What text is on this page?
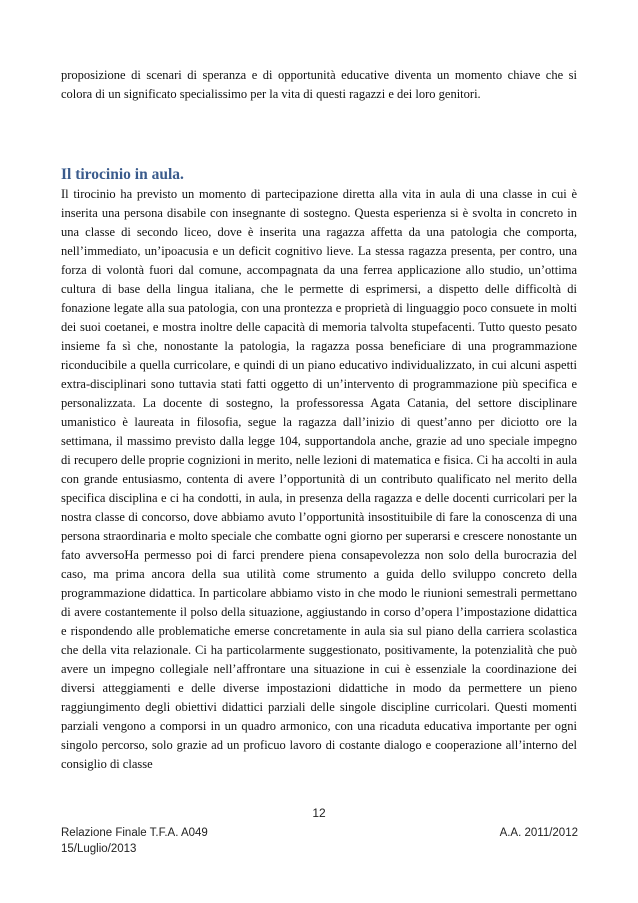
proposizione di scenari di speranza e di opportunità educative diventa un momento chiave che si colora di un significato specialissimo per la vita di questi ragazzi e dei loro genitori.

Il tirocinio in aula.

Il tirocinio ha previsto un momento di partecipazione diretta alla vita in aula di una classe in cui è inserita una persona disabile con insegnante di sostegno. Questa esperienza si è svolta in concreto in una classe di secondo liceo, dove è inserita una ragazza affetta da una patologia che comporta, nell’immediato, un’ipoacusia e un deficit cognitivo lieve. La stessa ragazza presenta, per contro, una forza di volontà fuori dal comune, accompagnata da una ferrea applicazione allo studio, un’ottima cultura di base della lingua italiana, che le permette di esprimersi, a dispetto delle difficoltà di fonazione legate alla sua patologia, con una prontezza e proprietà di linguaggio poco consuete in molti dei suoi coetanei, e mostra inoltre delle capacità di memoria talvolta stupefacenti. Tutto questo pesato insieme fa sì che, nonostante la patologia, la ragazza possa beneficiare di una programmazione riconducibile a quella curricolare, e quindi di un piano educativo individualizzato, in cui alcuni aspetti extra-disciplinari sono tuttavia stati fatti oggetto di un’intervento di programmazione più specifica e personalizzata. La docente di sostegno, la professoressa Agata Catania, del settore disciplinare umanistico è laureata in filosofia, segue la ragazza dall’inizio di quest’anno per diciotto ore la settimana, il massimo previsto dalla legge 104, supportandola anche, grazie ad uno speciale impegno di recupero delle proprie cognizioni in merito, nelle lezioni di matematica e fisica. Ci ha accolti in aula con grande entusiasmo, contenta di avere l’opportunità di un contributo qualificato nel merito della specifica disciplina e ci ha condotti, in aula, in presenza della ragazza e delle docenti curricolari per la nostra classe di concorso, dove abbiamo avuto l’opportunità insostituibile di fare la conoscenza di una persona straordinaria e molto speciale che combatte ogni giorno per superarsi e crescere nonostante un fato avversoHa permesso poi di farci prendere piena consapevolezza non solo della burocrazia del caso, ma prima ancora della sua utilità come strumento a guida dello sviluppo concreto della programmazione didattica. In particolare abbiamo visto in che modo le riunioni semestrali permettano di avere costantemente il polso della situazione, aggiustando in corso d’opera l’impostazione didattica e rispondendo alle problematiche emerse concretamente in aula sia sul piano della carriera scolastica che della vita relazionale. Ci ha particolarmente suggestionato, positivamente, la potenzialità che può avere un impegno collegiale nell’affrontare una situazione in cui è essenziale la coordinazione dei diversi atteggiamenti e delle diverse impostazioni didattiche in modo da permettere un pieno raggiungimento degli obiettivi didattici parziali delle singole discipline curricolari. Questi momenti parziali vengono a comporsi in un quadro armonico, con una ricaduta educativa importante per ogni singolo percorso, solo grazie ad un proficuo lavoro di costante dialogo e cooperazione all’interno del consiglio di classe

12
Relazione Finale T.F.A. A049
15/Luglio/2013
A.A. 2011/2012
